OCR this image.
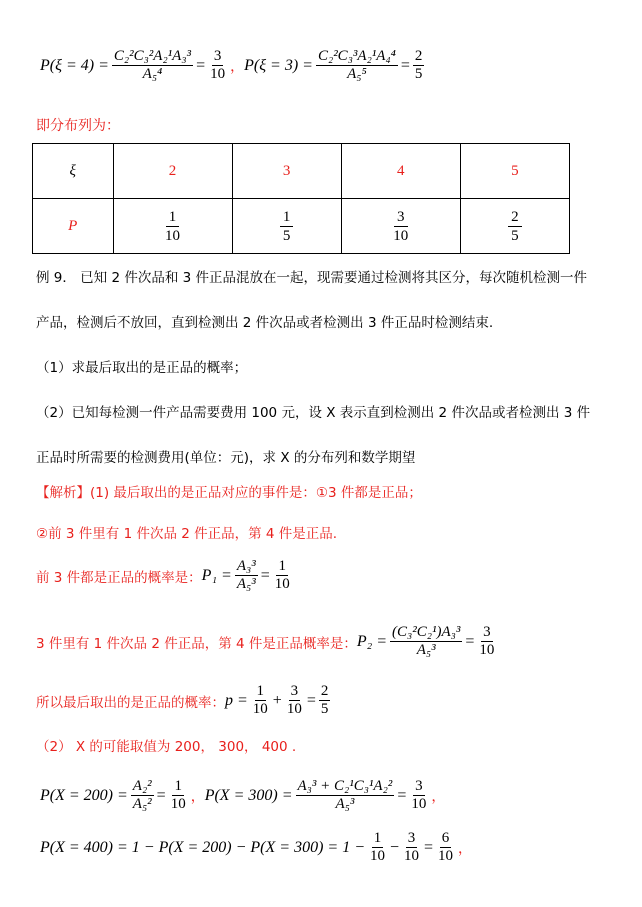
$P(\xi = 4) = \frac{\text{C₂²C₃²A₂¹A₃³}}{\text{A₅⁴}} = \frac{3}{10}$ ， $P(\xi = 3) = \frac{\text{C₂²C₃³A₂¹A₄⁴}}{\text{A₅⁵}} = \frac{2}{5}$
即分布列为：
ξ	2	3	4	5
P	$\frac{1}{10}$	$\frac{1}{5}$	$\frac{3}{10}$	$\frac{2}{5}$
例 9． 已知 2 件次品和 3 件正品混放在一起，现需要通过检测将其区分，每次随机检测一件
产品，检测后不放回，直到检测出 2 件次品或者检测出 3 件正品时检测结束.
（1）求最后取出的是正品的概率；
（2）已知每检测一件产品需要费用 100 元，设 X 表示直到检测出 2 件次品或者检测出 3 件
正品时所需要的检测费用(单位：元)，求 X 的分布列和数学期望
【解析】(1) 最后取出的是正品对应的事件是：①3 件都是正品；
②前 3 件里有 1 件次品 2 件正品，第 4 件是正品.
前 3 件都是正品的概率是： $P_1 = \frac{\text{A₃³}}{\text{A₅³}} = \frac{1}{10}$
3 件里有 1 件次品 2 件正品，第 4 件是正品概率是： $P_2 = \frac{\text{(C₃²C₂¹)A₃³}}{\text{A₅³}} = \frac{3}{10}$
所以最后取出的是正品的概率： $p = \frac{1}{10} + \frac{3}{10} = \frac{2}{5}$
（2） X 的可能取值为 200， 300， 400 .
$P(X = 200) = \frac{\text{A₂²}}{\text{A₅²}} = \frac{1}{10}$ ， $P(X = 300) = \frac{\text{A₃³ + C₂¹C₃¹A₂²}}{\text{A₅³}} = \frac{3}{10}$ ，
$P(X = 400) = 1 - P(X = 200) - P(X = 300) = 1 - \frac{1}{10} - \frac{3}{10} = \frac{6}{10}$ ，
